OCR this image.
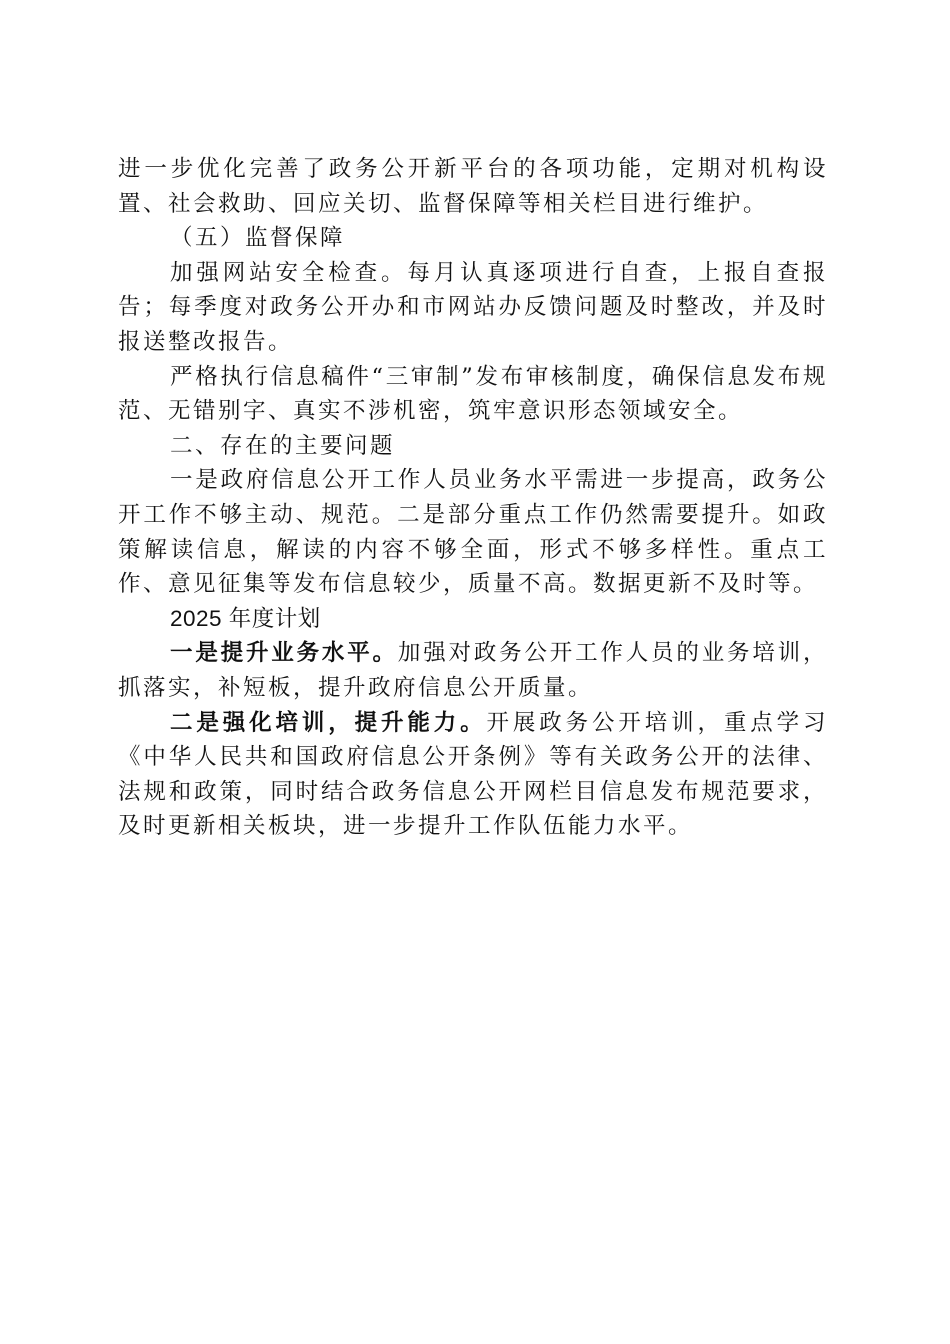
进一步优化完善了政务公开新平台的各项功能，定期对机构设置、社会救助、回应关切、监督保障等相关栏目进行维护。

（五）监督保障

加强网站安全检查。每月认真逐项进行自查，上报自查报告；每季度对政务公开办和市网站办反馈问题及时整改，并及时报送整改报告。

严格执行信息稿件“三审制”发布审核制度，确保信息发布规范、无错别字、真实不涉机密，筑牢意识形态领域安全。

二、存在的主要问题

一是政府信息公开工作人员业务水平需进一步提高，政务公开工作不够主动、规范。二是部分重点工作仍然需要提升。如政策解读信息，解读的内容不够全面，形式不够多样性。重点工作、意见征集等发布信息较少，质量不高。数据更新不及时等。

2025 年度计划

一是提升业务水平。加强对政务公开工作人员的业务培训，抓落实，补短板，提升政府信息公开质量。

二是强化培训，提升能力。开展政务公开培训，重点学习《中华人民共和国政府信息公开条例》等有关政务公开的法律、法规和政策，同时结合政务信息公开网栏目信息发布规范要求，及时更新相关板块，进一步提升工作队伍能力水平。
